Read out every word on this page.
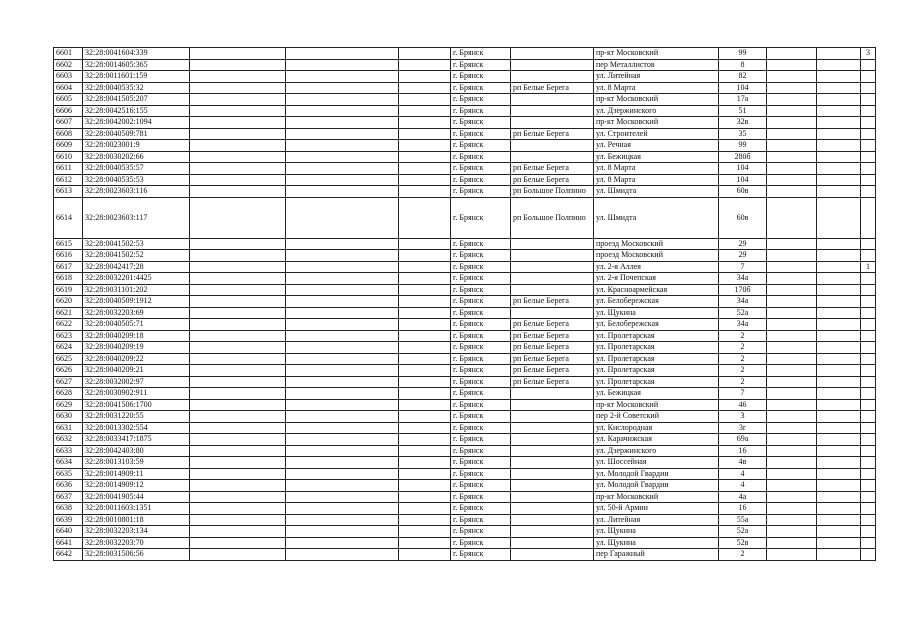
6601	32:28:0041604:339				г. Брянск		пр-кт Московский	99			3
6602	32:28:0014605:365				г. Брянск		пер Металлистов	8			
6603	32:28:0011601:159				г. Брянск		ул. Литейная	82			
6604	32:28:0040535:32				г. Брянск	рп Белые Берега	ул. 8 Марта	104			
6605	32:28:0041505:207				г. Брянск		пр-кт Московский	17а			
6606	32:28:0042516:155				г. Брянск		ул. Дзержинского	51			
6607	32:28:0042002:1094				г. Брянск		пр-кт Московский	32в			
6608	32:28:0040509:781				г. Брянск	рп Белые Берега	ул. Строителей	35			
6609	32:28:0023001:9				г. Брянск		ул. Речная	99			
6610	32:28:0030202:66				г. Брянск		ул. Бежицкая	280б			
6611	32:28:0040535:57				г. Брянск	рп Белые Берега	ул. 8 Марта	104			
6612	32:28:0040535:53				г. Брянск	рп Белые Берега	ул. 8 Марта	104			
6613	32:28:0023603:116				г. Брянск	рп Большое Полпино	ул. Шмидта	60в			
6614	32:28:0023603:117				г. Брянск	рп Большое Полпино	ул. Шмидта	60в			
6615	32:28:0041502:53				г. Брянск		проезд Московский	29			
6616	32:28:0041502:52				г. Брянск		проезд Московский	29			
6617	32:28:0042417:28				г. Брянск		ул. 2-я Аллея	7			1
6618	32:28:0032201:4425				г. Брянск		ул. 2-я Почепская	34а			
6619	32:28:0031101:202				г. Брянск		ул. Красноармейская	170б			
6620	32:28:0040509:1912				г. Брянск	рп Белые Берега	ул. Белобережская	34а			
6621	32:28:0032203:69				г. Брянск		ул. Щукина	52а			
6622	32:28:0040505:71				г. Брянск	рп Белые Берега	ул. Белобережская	34а			
6623	32:28:0040209:18				г. Брянск	рп Белые Берега	ул. Пролетарская	2			
6624	32:28:0040209:19				г. Брянск	рп Белые Берега	ул. Пролетарская	2			
6625	32:28:0040209:22				г. Брянск	рп Белые Берега	ул. Пролетарская	2			
6626	32:28:0040209:21				г. Брянск	рп Белые Берега	ул. Пролетарская	2			
6627	32:28:0032002:97				г. Брянск	рп Белые Берега	ул. Пролетарская	2			
6628	32:28:0030902:911				г. Брянск		ул. Бежицкая	7			
6629	32:28:0041506:1700				г. Брянск		пр-кт Московский	46			
6630	32:28:0031220:55				г. Брянск		пер 2-й Советский	3			
6631	32:28:0013302:554				г. Брянск		ул. Кислородная	3г			
6632	32:28:0033417:1875				г. Брянск		ул. Карачижская	69а			
6633	32:28:0042403:80				г. Брянск		ул. Дзержинского	16			
6634	32:28:0013103:59				г. Брянск		ул. Шоссейная	4в			
6635	32:28:0014909:11				г. Брянск		ул. Молодой Гвардии	4			
6636	32:28:0014909:12				г. Брянск		ул. Молодой Гвардии	4			
6637	32:28:0041905:44				г. Брянск		пр-кт Московский	4а			
6638	32:28:0011603:1351				г. Брянск		ул. 50-й Армии	16			
6639	32:28:0010801:18				г. Брянск		ул. Литейная	55а			
6640	32:28:0032203:134				г. Брянск		ул. Щукина	52а			
6641	32:28:0032203:70				г. Брянск		ул. Щукина	52в			
6642	32:28:0031506:56				г. Брянск		пер Гаражный	2			
